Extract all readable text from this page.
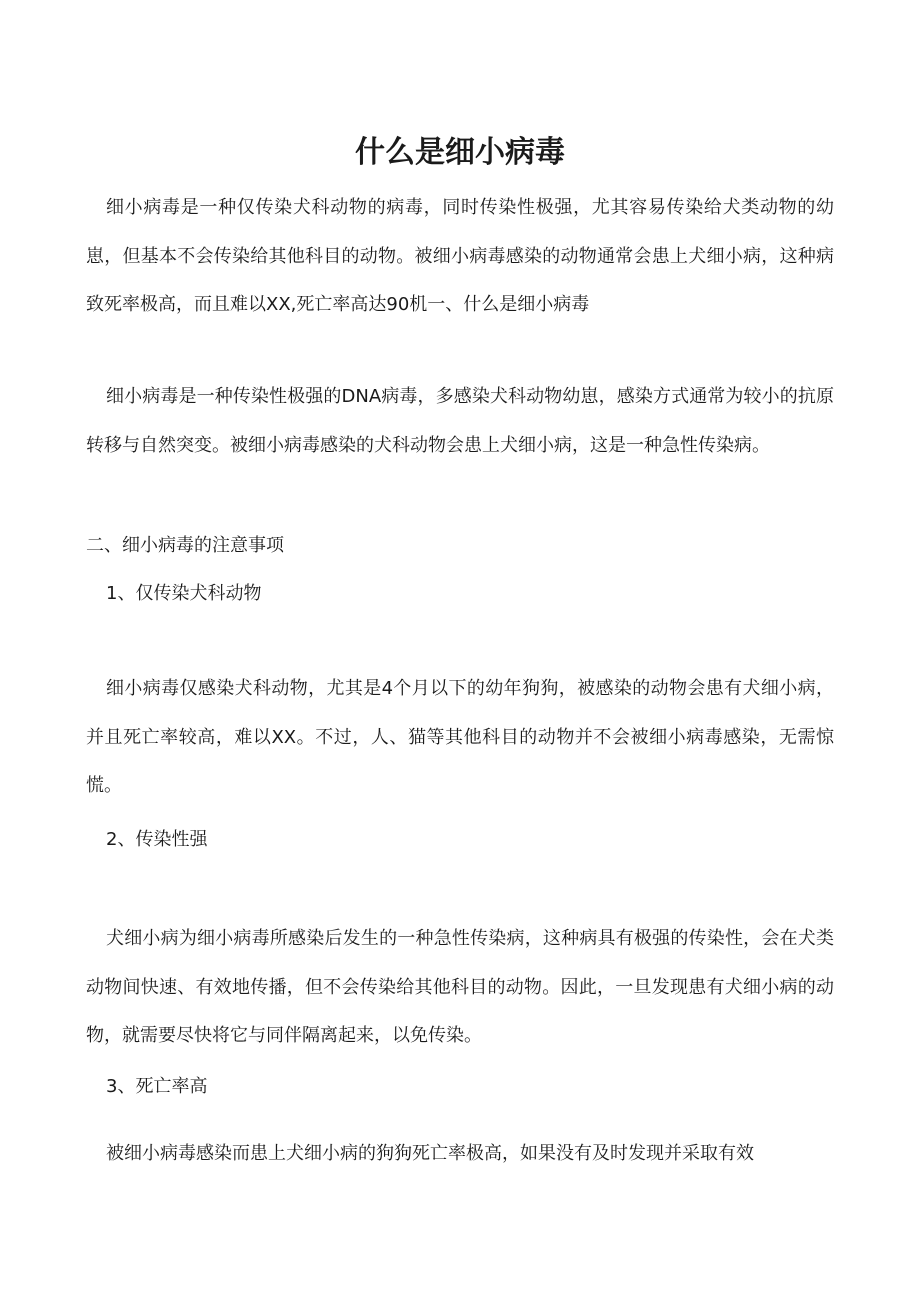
什么是细小病毒

细小病毒是一种仅传染犬科动物的病毒，同时传染性极强，尤其容易传染给犬类动物的幼崽，但基本不会传染给其他科目的动物。被细小病毒感染的动物通常会患上犬细小病，这种病致死率极高，而且难以XX,死亡率高达90机一、什么是细小病毒

细小病毒是一种传染性极强的DNA病毒，多感染犬科动物幼崽，感染方式通常为较小的抗原转移与自然突变。被细小病毒感染的犬科动物会患上犬细小病，这是一种急性传染病。

二、细小病毒的注意事项

1、仅传染犬科动物

细小病毒仅感染犬科动物，尤其是4个月以下的幼年狗狗，被感染的动物会患有犬细小病，并且死亡率较高，难以XX。不过，人、猫等其他科目的动物并不会被细小病毒感染，无需惊慌。

2、传染性强

犬细小病为细小病毒所感染后发生的一种急性传染病，这种病具有极强的传染性，会在犬类动物间快速、有效地传播，但不会传染给其他科目的动物。因此，一旦发现患有犬细小病的动物，就需要尽快将它与同伴隔离起来，以免传染。

3、死亡率高

被细小病毒感染而患上犬细小病的狗狗死亡率极高，如果没有及时发现并采取有效
